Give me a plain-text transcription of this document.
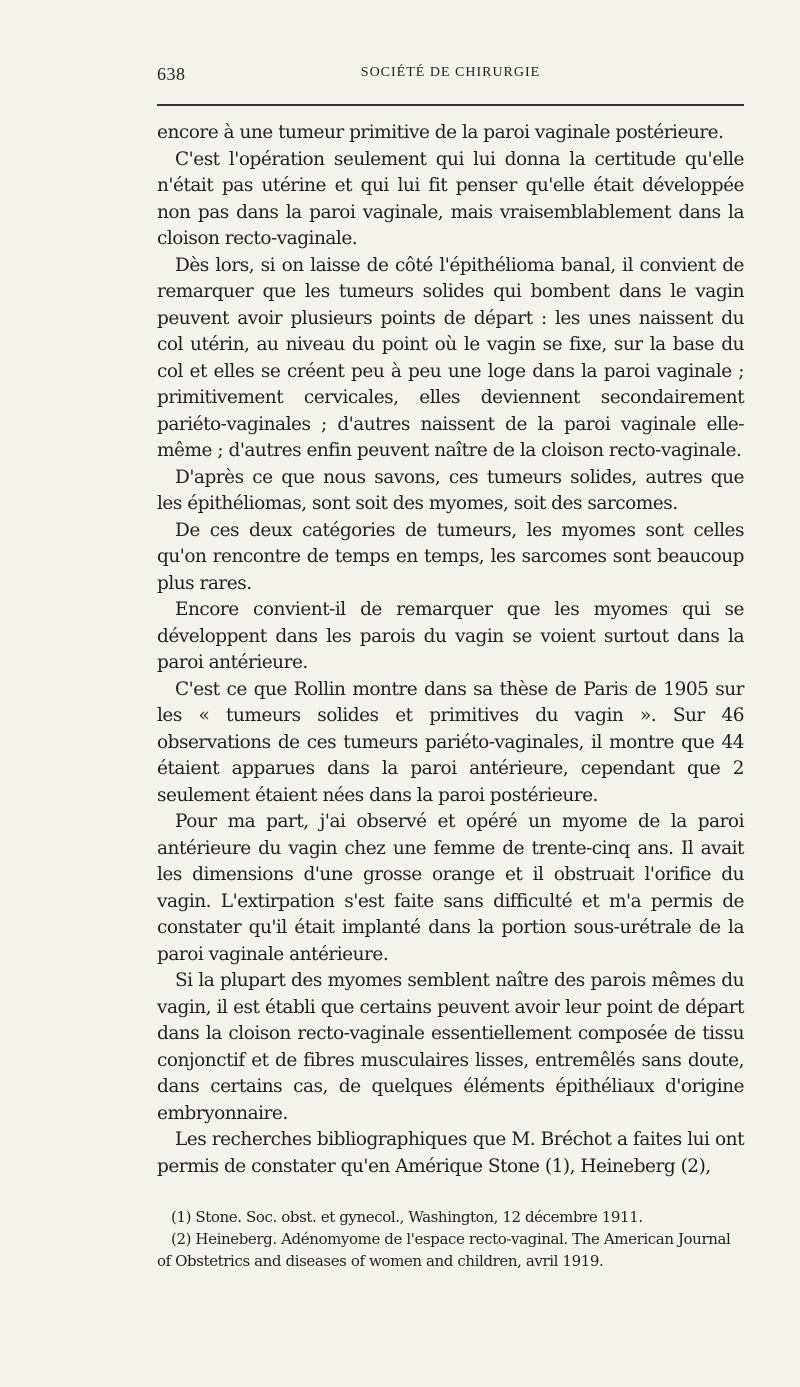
638	SOCIÉTÉ DE CHIRURGIE

encore à une tumeur primitive de la paroi vaginale postérieure.

C'est l'opération seulement qui lui donna la certitude qu'elle n'était pas utérine et qui lui fit penser qu'elle était développée non pas dans la paroi vaginale, mais vraisemblablement dans la cloison recto-vaginale.

Dès lors, si on laisse de côté l'épithélioma banal, il convient de remarquer que les tumeurs solides qui bombent dans le vagin peuvent avoir plusieurs points de départ : les unes naissent du col utérin, au niveau du point où le vagin se fixe, sur la base du col et elles se créent peu à peu une loge dans la paroi vaginale ; primitivement cervicales, elles deviennent secondairement pariéto-vaginales ; d'autres naissent de la paroi vaginale elle-même ; d'autres enfin peuvent naître de la cloison recto-vaginale.

D'après ce que nous savons, ces tumeurs solides, autres que les épithéliomas, sont soit des myomes, soit des sarcomes.

De ces deux catégories de tumeurs, les myomes sont celles qu'on rencontre de temps en temps, les sarcomes sont beaucoup plus rares.

Encore convient-il de remarquer que les myomes qui se développent dans les parois du vagin se voient surtout dans la paroi antérieure.

C'est ce que Rollin montre dans sa thèse de Paris de 1905 sur les « tumeurs solides et primitives du vagin ». Sur 46 observations de ces tumeurs pariéto-vaginales, il montre que 44 étaient apparues dans la paroi antérieure, cependant que 2 seulement étaient nées dans la paroi postérieure.

Pour ma part, j'ai observé et opéré un myome de la paroi antérieure du vagin chez une femme de trente-cinq ans. Il avait les dimensions d'une grosse orange et il obstruait l'orifice du vagin. L'extirpation s'est faite sans difficulté et m'a permis de constater qu'il était implanté dans la portion sous-urétrale de la paroi vaginale antérieure.

Si la plupart des myomes semblent naître des parois mêmes du vagin, il est établi que certains peuvent avoir leur point de départ dans la cloison recto-vaginale essentiellement composée de tissu conjonctif et de fibres musculaires lisses, entremêlés sans doute, dans certains cas, de quelques éléments épithéliaux d'origine embryonnaire.

Les recherches bibliographiques que M. Bréchot a faites lui ont permis de constater qu'en Amérique Stone (1), Heineberg (2),

(1) Stone. Soc. obst. et gynecol., Washington, 12 décembre 1911.

(2) Heineberg. Adénomyome de l'espace recto-vaginal. The American Journal of Obstetrics and diseases of women and children, avril 1919.
